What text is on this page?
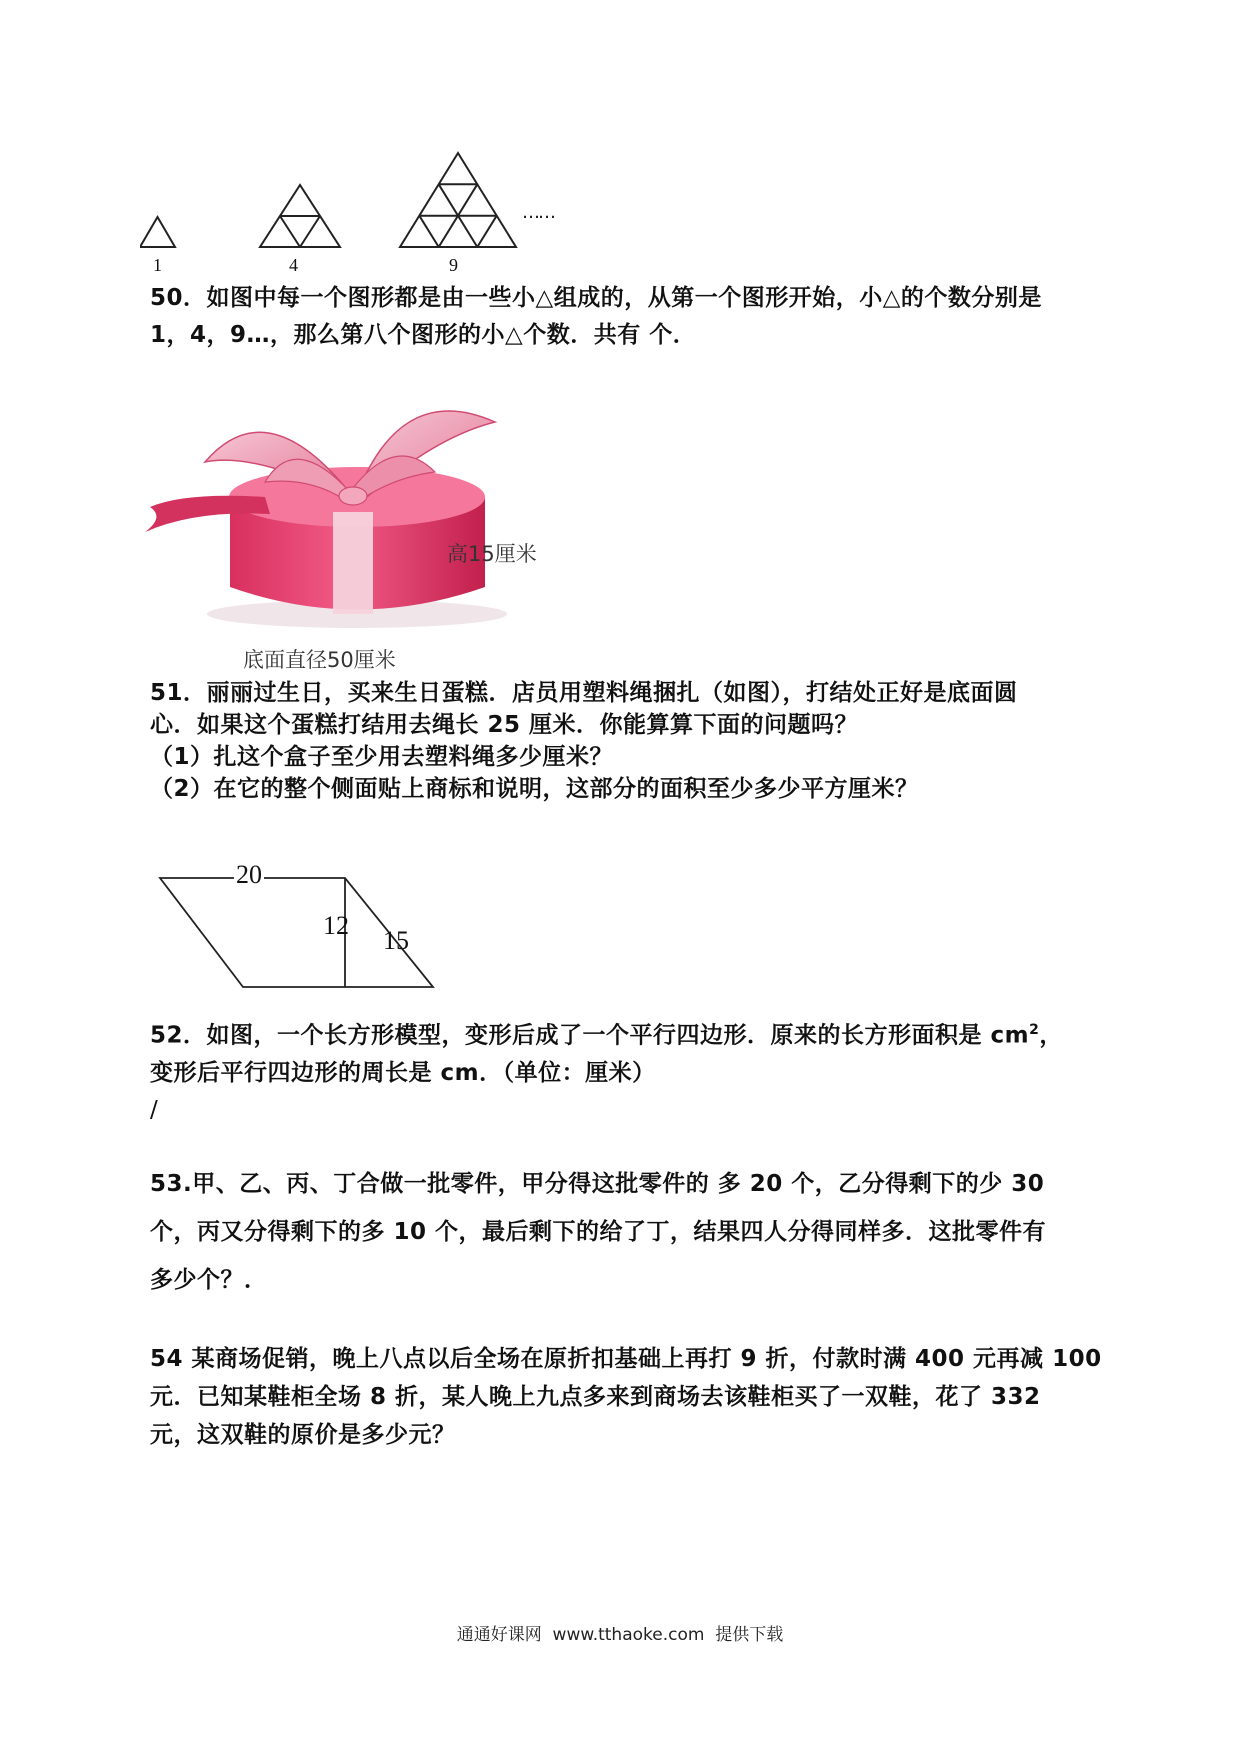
1	4	9
……
50．如图中每一个图形都是由一些小△组成的，从第一个图形开始，小△的个数分别是
1，4，9…，那么第八个图形的小△个数．共有 个．
高15厘米
底面直径50厘米
51．丽丽过生日，买来生日蛋糕．店员用塑料绳捆扎（如图），打结处正好是底面圆
心．如果这个蛋糕打结用去绳长 25 厘米．你能算算下面的问题吗？
（1）扎这个盒子至少用去塑料绳多少厘米？
（2）在它的整个侧面贴上商标和说明，这部分的面积至少多少平方厘米？
20
12
15
52．如图，一个长方形模型，变形后成了一个平行四边形．原来的长方形面积是 $cm^2$，
变形后平行四边形的周长是 cm．（单位：厘米）
/
53.甲、乙、丙、丁合做一批零件，甲分得这批零件的 多 20 个，乙分得剩下的少 30
个，丙又分得剩下的多 10 个，最后剩下的给了丁，结果四人分得同样多．这批零件有
多少个？．
54 某商场促销，晚上八点以后全场在原折扣基础上再打 9 折，付款时满 400 元再减 100
元．已知某鞋柜全场 8 折，某人晚上九点多来到商场去该鞋柜买了一双鞋，花了 332
元，这双鞋的原价是多少元？
通通好课网  www.tthaoke.com  提供下载
